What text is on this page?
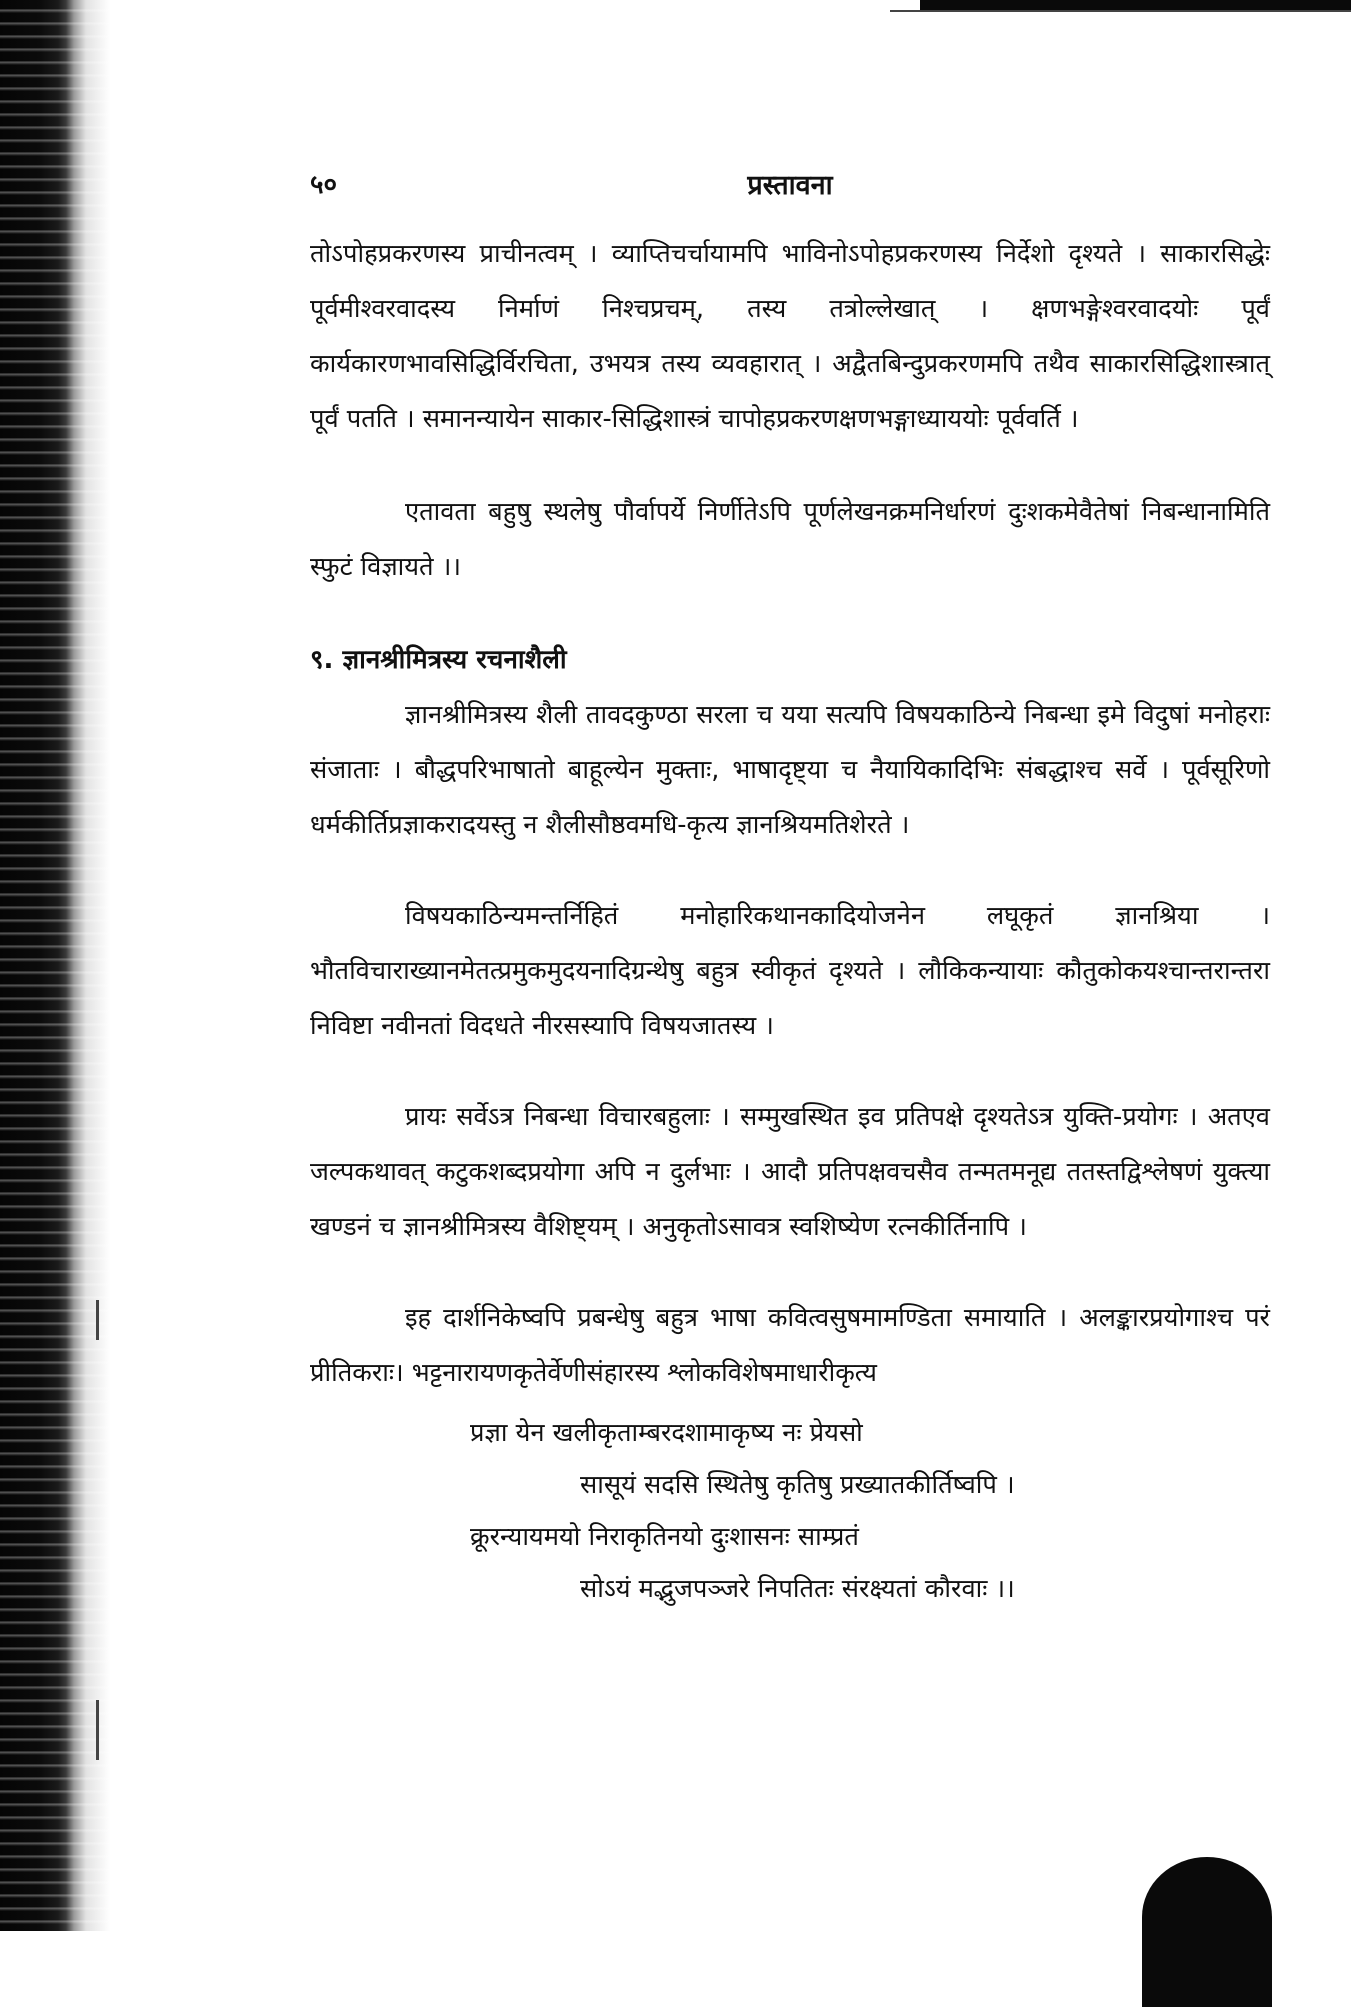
५०	प्रस्तावना

तोऽपोहप्रकरणस्य प्राचीनत्वम् । व्याप्तिचर्चायामपि भाविनोऽपोहप्रकरणस्य निर्देशो दृश्यते । साकारसिद्धेः पूर्वमीश्वरवादस्य निर्माणं निश्चप्रचम्, तस्य तत्रोल्लेखात् । क्षणभङ्गेश्वरवादयोः पूर्वं कार्यकारणभावसिद्धिर्विरचिता, उभयत्र तस्य व्यवहारात् । अद्वैतबिन्दुप्रकरणमपि तथैव साकारसिद्धिशास्त्रात् पूर्वं पतति । समानन्यायेन साकार-सिद्धिशास्त्रं चापोहप्रकरणक्षणभङ्गाध्याययोः पूर्ववर्ति ।

एतावता बहुषु स्थलेषु पौर्वापर्ये निर्णीतेऽपि पूर्णलेखनक्रमनिर्धारणं दुःशकमेवैतेषां निबन्धानामिति स्फुटं विज्ञायते ।।

९. ज्ञानश्रीमित्रस्य रचनाशैली

ज्ञानश्रीमित्रस्य शैली तावदकुण्ठा सरला च यया सत्यपि विषयकाठिन्ये निबन्धा इमे विदुषां मनोहराः संजाताः । बौद्धपरिभाषातो बाहूल्येन मुक्ताः, भाषादृष्ट्या च नैयायिकादिभिः संबद्धाश्च सर्वे । पूर्वसूरिणो धर्मकीर्तिप्रज्ञाकरादयस्तु न शैलीसौष्ठवमधि-कृत्य ज्ञानश्रियमतिशेरते ।

विषयकाठिन्यमन्तर्निहितं मनोहारिकथानकादियोजनेन लघूकृतं ज्ञानश्रिया । भौतविचाराख्यानमेतत्प्रमुकमुदयनादिग्रन्थेषु बहुत्र स्वीकृतं दृश्यते । लौकिकन्यायाः कौतुकोकयश्चान्तरान्तरा निविष्टा नवीनतां विदधते नीरसस्यापि विषयजातस्य ।

प्रायः सर्वेऽत्र निबन्धा विचारबहुलाः । सम्मुखस्थित इव प्रतिपक्षे दृश्यतेऽत्र युक्ति-प्रयोगः । अतएव जल्पकथावत् कटुकशब्दप्रयोगा अपि न दुर्लभाः । आदौ प्रतिपक्षवचसैव तन्मतमनूद्य ततस्तद्विश्लेषणं युक्त्या खण्डनं च ज्ञानश्रीमित्रस्य वैशिष्ट्यम् । अनुकृतोऽसावत्र स्वशिष्येण रत्नकीर्तिनापि ।

इह दार्शनिकेष्वपि प्रबन्धेषु बहुत्र भाषा कवित्वसुषमामण्डिता समायाति । अलङ्कारप्रयोगाश्च परं प्रीतिकराः। भट्टनारायणकृतेर्वेणीसंहारस्य श्लोकविशेषमाधारीकृत्य

प्रज्ञा येन खलीकृताम्बरदशामाकृष्य नः प्रेयसो
सासूयं सदसि स्थितेषु कृतिषु प्रख्यातकीर्तिष्वपि ।
क्रूरन्यायमयो निराकृतिनयो दुःशासनः साम्प्रतं
सोऽयं मद्भुजपञ्जरे निपतितः संरक्ष्यतां कौरवाः ।।
